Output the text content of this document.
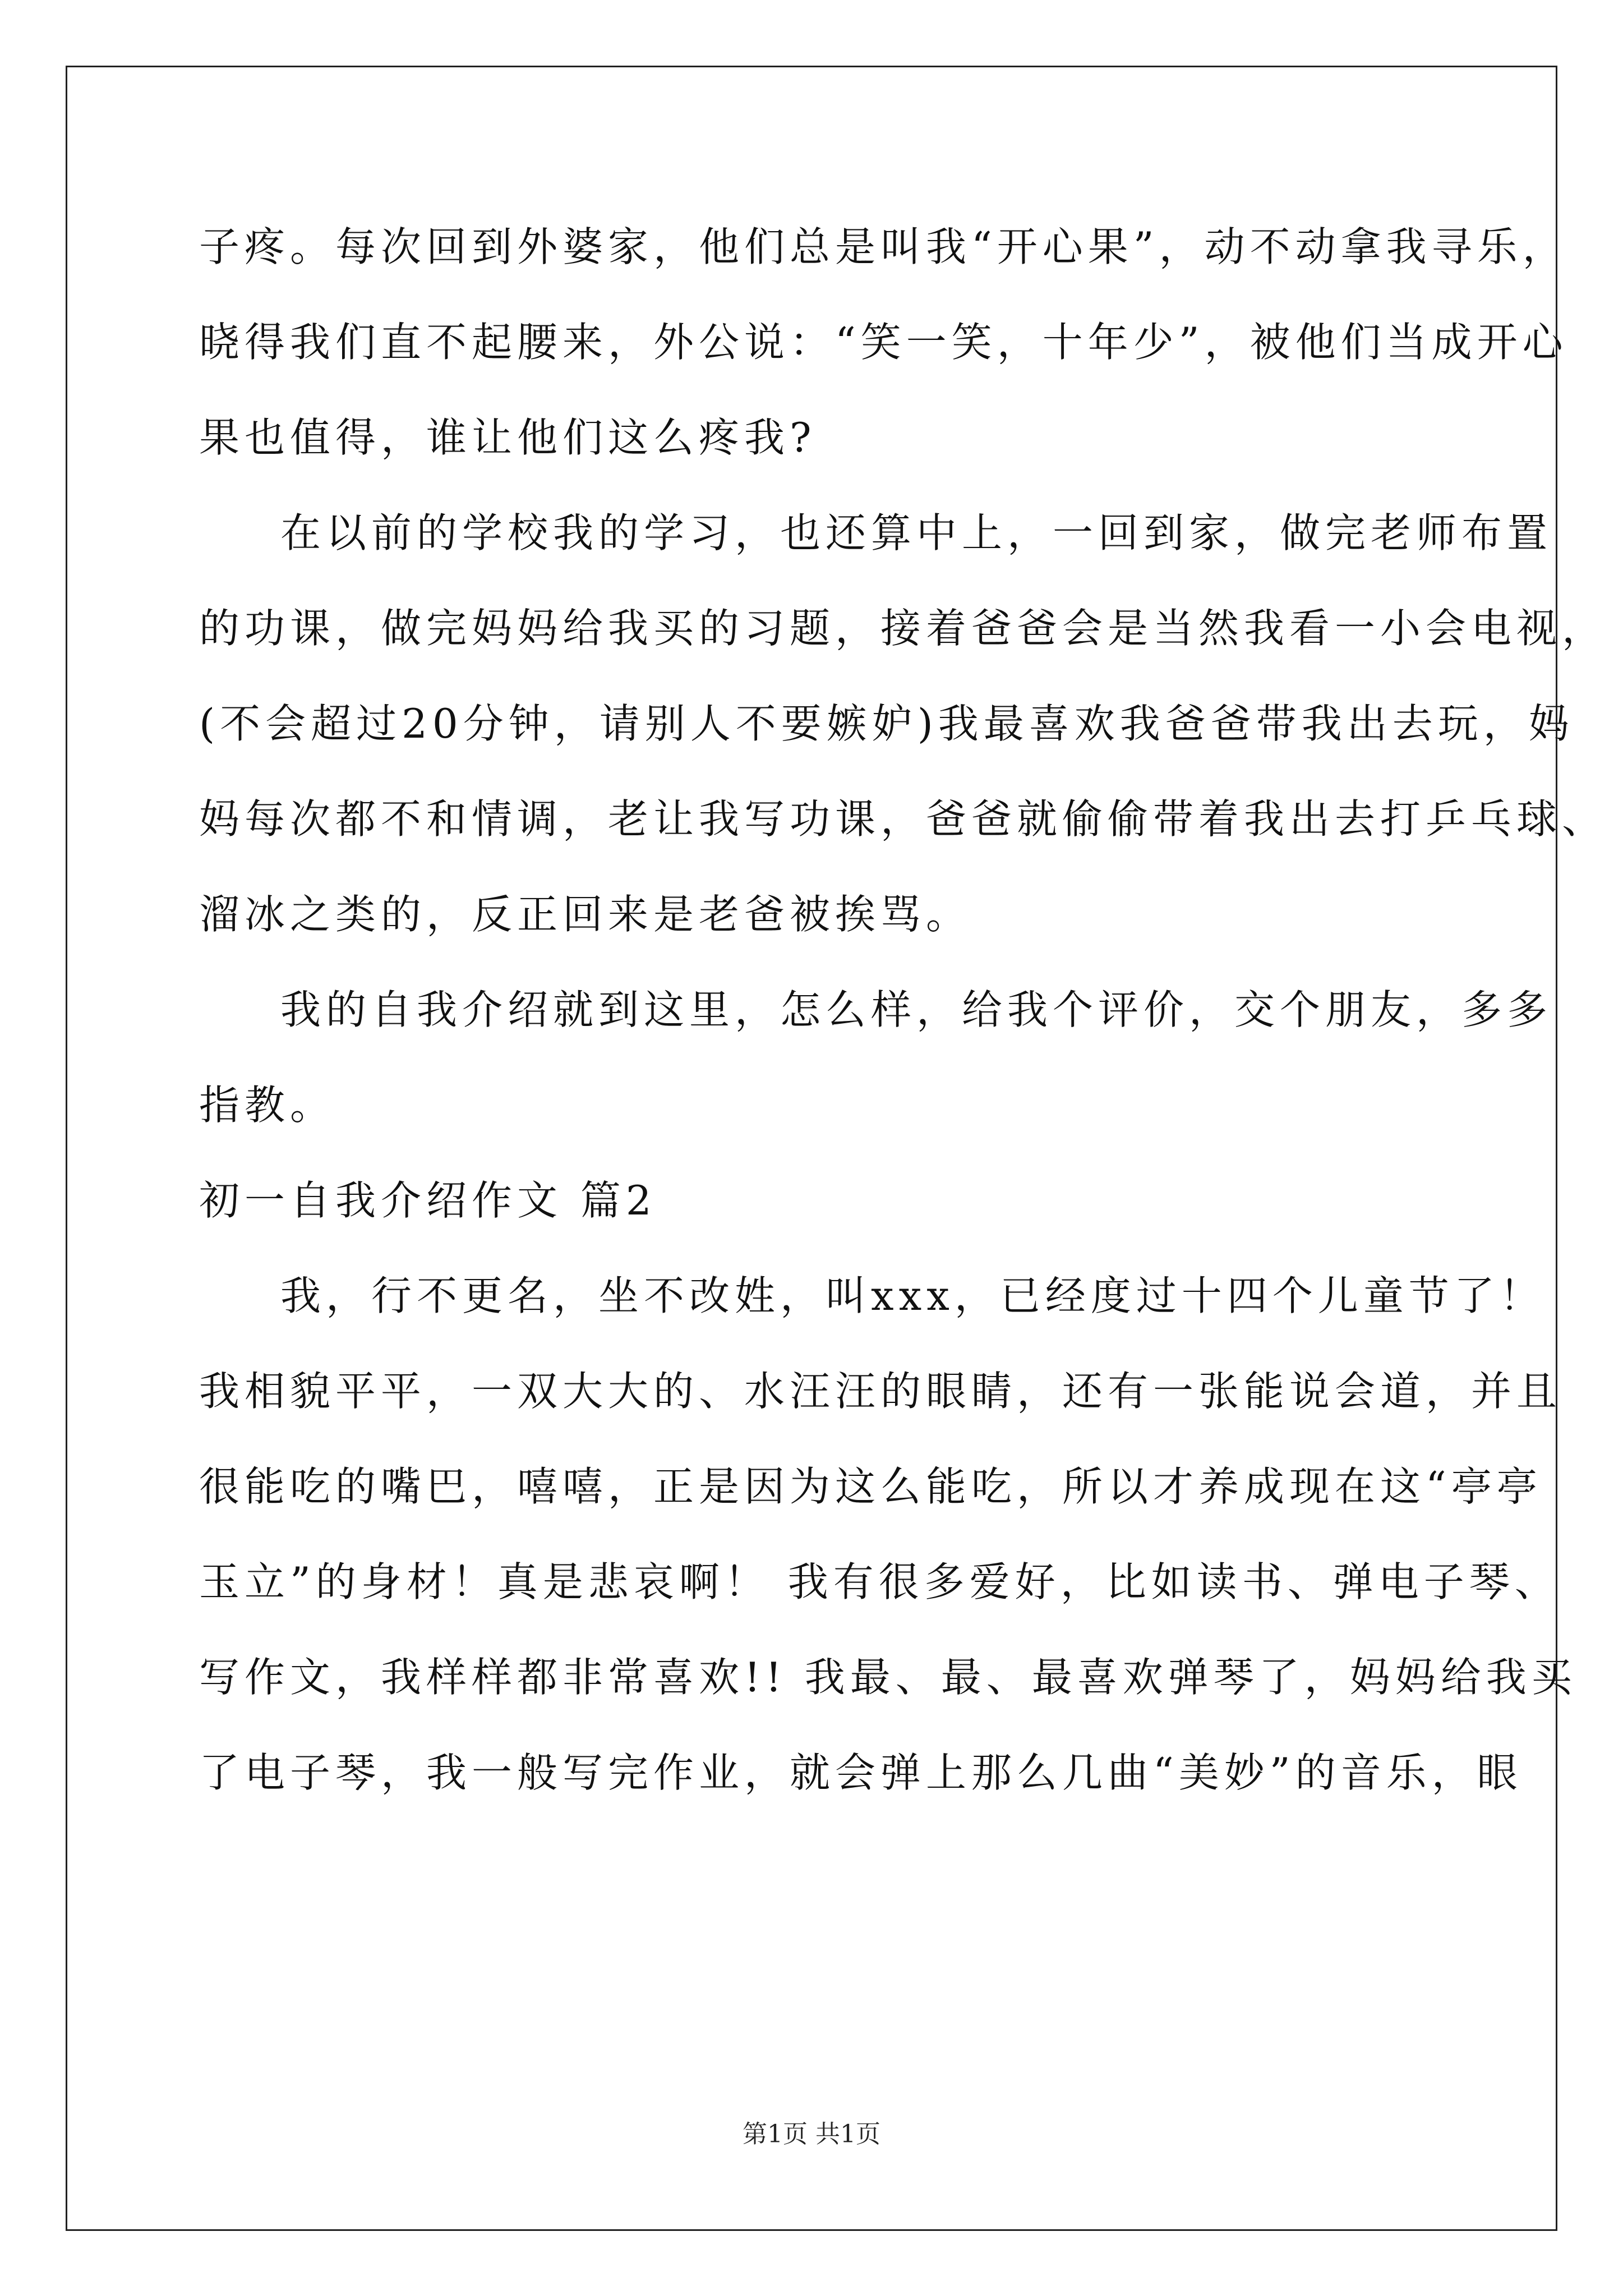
子疼。每次回到外婆家，他们总是叫我“开心果”，动不动拿我寻乐，
晓得我们直不起腰来，外公说：“笑一笑，十年少”，被他们当成开心
果也值得，谁让他们这么疼我?
在以前的学校我的学习，也还算中上，一回到家，做完老师布置
的功课，做完妈妈给我买的习题，接着爸爸会是当然我看一小会电视，
(不会超过20分钟，请别人不要嫉妒)我最喜欢我爸爸带我出去玩，妈
妈每次都不和情调，老让我写功课，爸爸就偷偷带着我出去打乒乓球、
溜冰之类的，反正回来是老爸被挨骂。
我的自我介绍就到这里，怎么样，给我个评价，交个朋友，多多
指教。
初一自我介绍作文 篇2
我，行不更名，坐不改姓，叫xxx，已经度过十四个儿童节了！
我相貌平平，一双大大的、水汪汪的眼睛，还有一张能说会道，并且
很能吃的嘴巴，嘻嘻，正是因为这么能吃，所以才养成现在这“亭亭
玉立”的身材！真是悲哀啊！ 我有很多爱好，比如读书、弹电子琴、
写作文，我样样都非常喜欢!! 我最、最、最喜欢弹琴了，妈妈给我买
了电子琴，我一般写完作业，就会弹上那么几曲“美妙”的音乐，眼
第1页 共1页
